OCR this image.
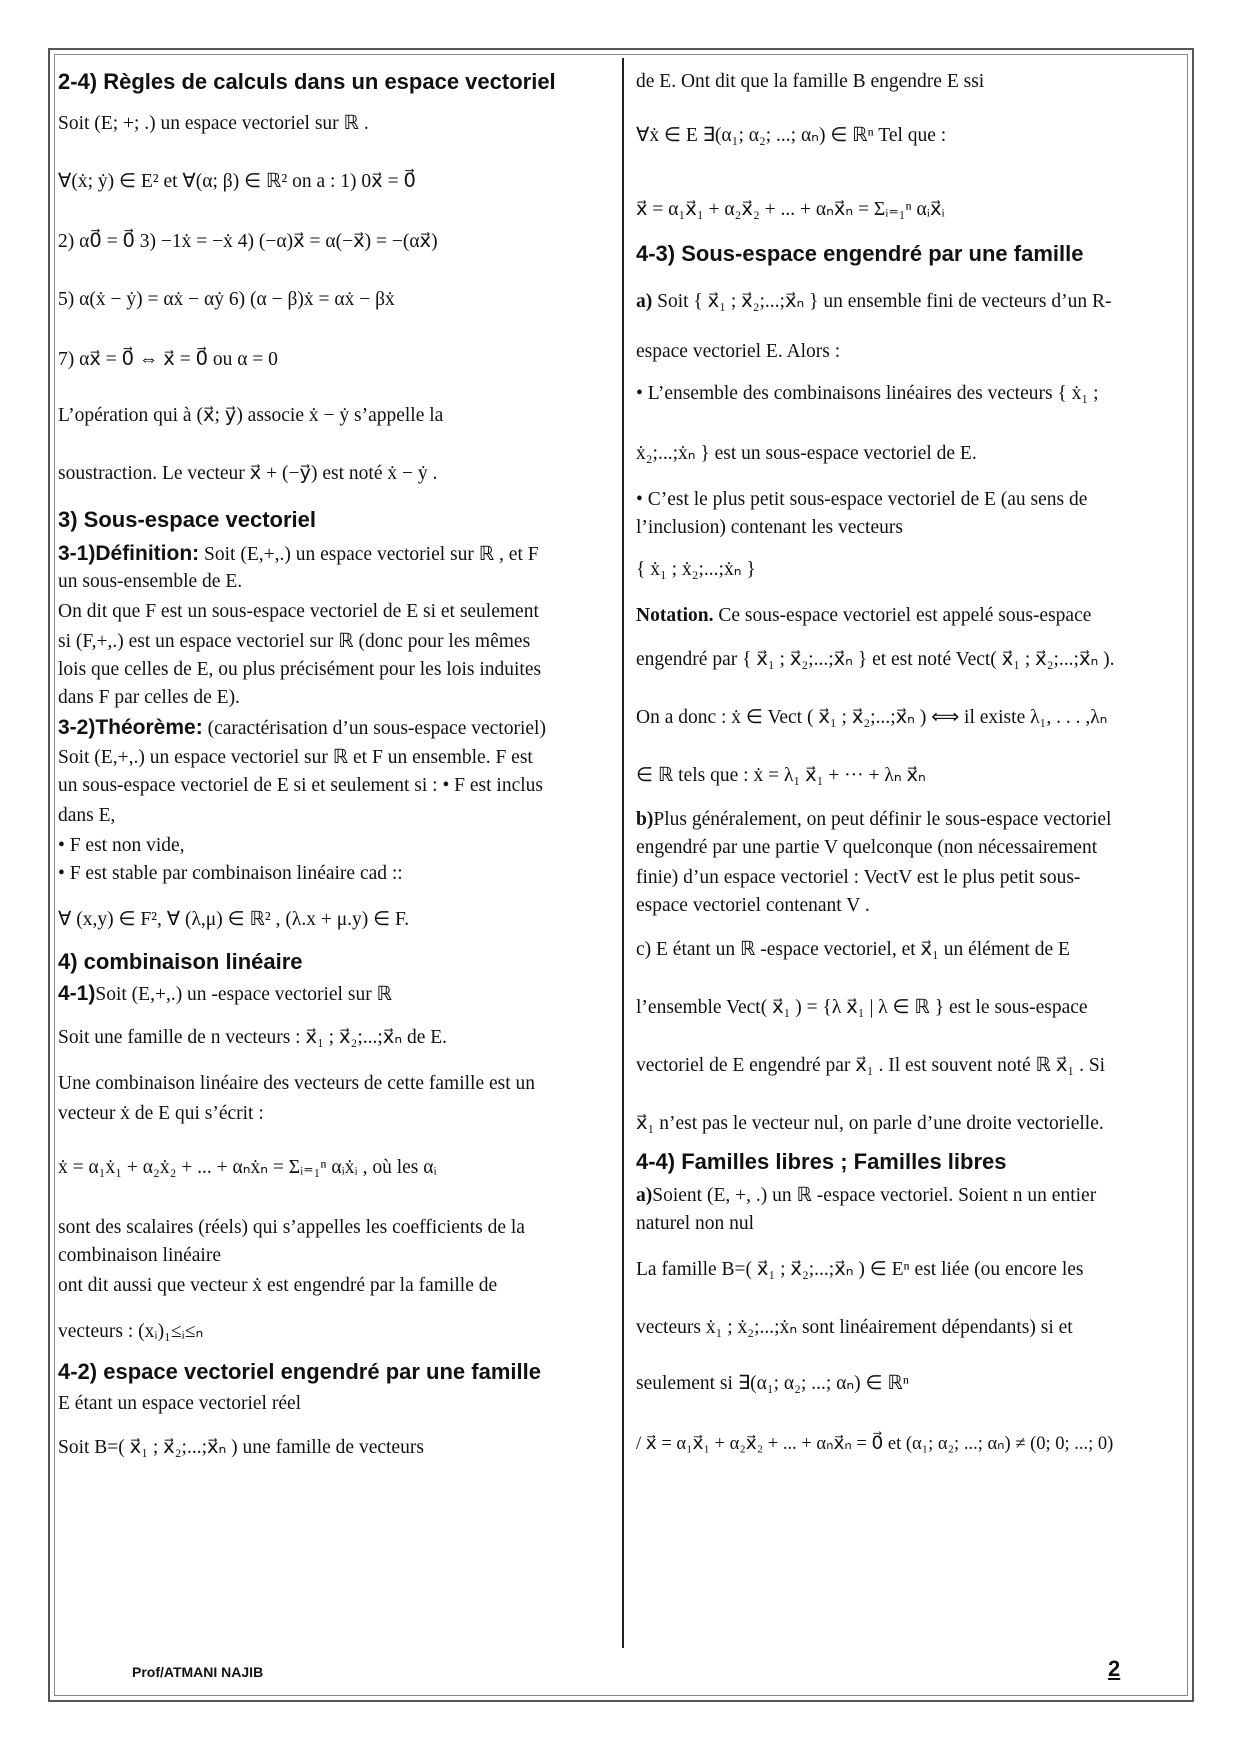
2-4) Règles de calculs dans un espace vectoriel
Soit (E; +; .) un espace vectoriel sur ℝ .
∀(ẋ; ẏ) ∈ E² et ∀(α; β) ∈ ℝ² on a : 1) 0x⃗ = 0⃗
2) α0⃗ = 0⃗ 3) −1ẋ = −ẋ 4) (−α)x⃗ = α(−x⃗) = −(αx⃗)
5) α(ẋ − ẏ) = αẋ − αẏ 6) (α − β)ẋ = αẋ − βẋ
7) αx⃗ = 0⃗ ⇔ x⃗ = 0⃗ ou α = 0
L’opération qui à (x⃗; y⃗) associe ẋ − ẏ s’appelle la
soustraction. Le vecteur x⃗ + (−y⃗) est noté ẋ − ẏ .
3) Sous-espace vectoriel
3-1)Définition: Soit (E,+,.) un espace vectoriel sur ℝ , et F
un sous-ensemble de E.
On dit que F est un sous-espace vectoriel de E si et seulement
si (F,+,.) est un espace vectoriel sur ℝ (donc pour les mêmes
lois que celles de E, ou plus précisément pour les lois induites
dans F par celles de E).
3-2)Théorème: (caractérisation d’un sous-espace vectoriel)
Soit (E,+,.) un espace vectoriel sur ℝ et F un ensemble. F est
un sous-espace vectoriel de E si et seulement si : • F est inclus
dans E,
• F est non vide,
• F est stable par combinaison linéaire cad ::
∀ (x,y) ∈ F², ∀ (λ,μ) ∈ ℝ² , (λ.x + μ.y) ∈ F.
4) combinaison linéaire
4-1)Soit (E,+,.) un -espace vectoriel sur ℝ
Soit une famille de n vecteurs : x⃗₁ ; x⃗₂;...;x⃗ₙ de E.
Une combinaison linéaire des vecteurs de cette famille est un
vecteur ẋ de E qui s’écrit :
ẋ = α₁ẋ₁ + α₂ẋ₂ + ... + αₙẋₙ = Σᵢ₌₁ⁿ αᵢẋᵢ , où les αᵢ
sont des scalaires (réels) qui s’appelles les coefficients de la
combinaison linéaire
ont dit aussi que vecteur ẋ est engendré par la famille de
vecteurs : (xᵢ)₁≤ᵢ≤ₙ
4-2) espace vectoriel engendré par une famille
E étant un espace vectoriel réel
Soit B=( x⃗₁ ; x⃗₂;...;x⃗ₙ ) une famille de vecteurs
de E. Ont dit que la famille B engendre E ssi
∀ẋ ∈ E ∃(α₁; α₂; ...; αₙ) ∈ ℝⁿ Tel que :
x⃗ = α₁x⃗₁ + α₂x⃗₂ + ... + αₙx⃗ₙ = Σᵢ₌₁ⁿ αᵢx⃗ᵢ
4-3) Sous-espace engendré par une famille
a) Soit { x⃗₁ ; x⃗₂;...;x⃗ₙ } un ensemble fini de vecteurs d’un R-
espace vectoriel E. Alors :
• L’ensemble des combinaisons linéaires des vecteurs { ẋ₁ ;
ẋ₂;...;ẋₙ } est un sous-espace vectoriel de E.
• C’est le plus petit sous-espace vectoriel de E (au sens de
l’inclusion) contenant les vecteurs
{ ẋ₁ ; ẋ₂;...;ẋₙ }
Notation. Ce sous-espace vectoriel est appelé sous-espace
engendré par { x⃗₁ ; x⃗₂;...;x⃗ₙ } et est noté Vect( x⃗₁ ; x⃗₂;...;x⃗ₙ ).
On a donc : ẋ ∈ Vect ( x⃗₁ ; x⃗₂;...;x⃗ₙ ) ⟺ il existe λ₁, . . . ,λₙ
∈ ℝ tels que : ẋ = λ₁ x⃗₁ + ··· + λₙ x⃗ₙ
b)Plus généralement, on peut définir le sous-espace vectoriel
engendré par une partie V quelconque (non nécessairement
finie) d’un espace vectoriel : VectV est le plus petit sous-
espace vectoriel contenant V .
c) E étant un ℝ -espace vectoriel, et x⃗₁ un élément de E
l’ensemble Vect( x⃗₁ ) = {λ x⃗₁ | λ ∈ ℝ } est le sous-espace
vectoriel de E engendré par x⃗₁ . Il est souvent noté ℝ x⃗₁ . Si
x⃗₁ n’est pas le vecteur nul, on parle d’une droite vectorielle.
4-4) Familles libres ; Familles libres
a)Soient (E, +, .) un ℝ -espace vectoriel. Soient n un entier
naturel non nul
La famille B=( x⃗₁ ; x⃗₂;...;x⃗ₙ ) ∈ Eⁿ est liée (ou encore les
vecteurs ẋ₁ ; ẋ₂;...;ẋₙ sont linéairement dépendants) si et
seulement si ∃(α₁; α₂; ...; αₙ) ∈ ℝⁿ
/ x⃗ = α₁x⃗₁ + α₂x⃗₂ + ... + αₙx⃗ₙ = 0⃗ et (α₁; α₂; ...; αₙ) ≠ (0; 0; ...; 0)
Prof/ATMANI NAJIB	2
